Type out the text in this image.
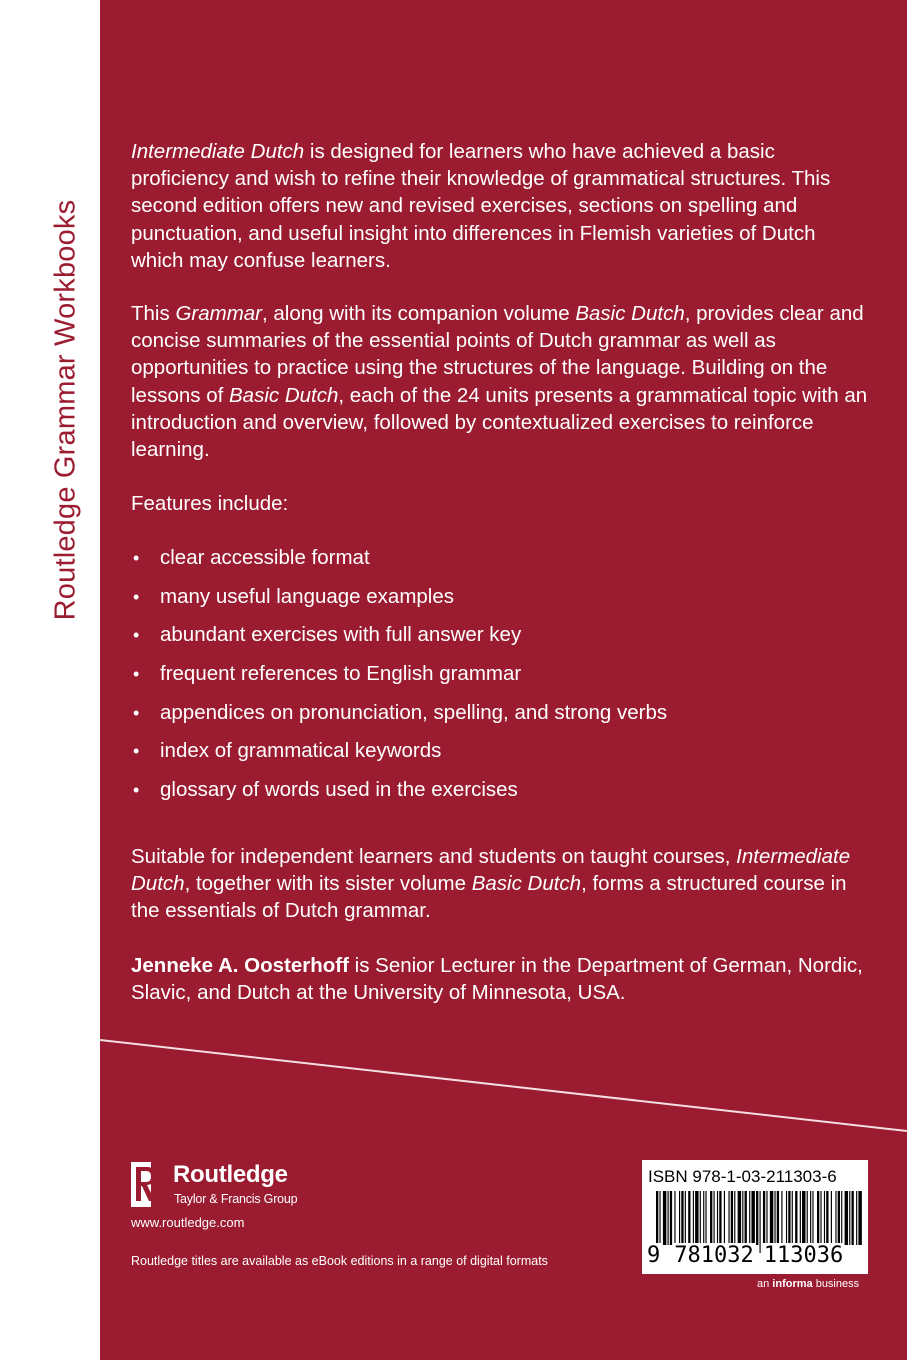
Routledge Grammar Workbooks

Intermediate Dutch is designed for learners who have achieved a basic proficiency and wish to refine their knowledge of grammatical structures. This second edition offers new and revised exercises, sections on spelling and punctuation, and useful insight into differences in Flemish varieties of Dutch which may confuse learners.

This Grammar, along with its companion volume Basic Dutch, provides clear and concise summaries of the essential points of Dutch grammar as well as opportunities to practice using the structures of the language. Building on the lessons of Basic Dutch, each of the 24 units presents a grammatical topic with an introduction and overview, followed by contextualized exercises to reinforce learning.

Features include:

• clear accessible format
• many useful language examples
• abundant exercises with full answer key
• frequent references to English grammar
• appendices on pronunciation, spelling, and strong verbs
• index of grammatical keywords
• glossary of words used in the exercises

Suitable for independent learners and students on taught courses, Intermediate Dutch, together with its sister volume Basic Dutch, forms a structured course in the essentials of Dutch grammar.

Jenneke A. Oosterhoff is Senior Lecturer in the Department of German, Nordic, Slavic, and Dutch at the University of Minnesota, USA.

Routledge
Taylor & Francis Group
www.routledge.com
Routledge titles are available as eBook editions in a range of digital formats
ISBN 978-1-03-211303-6
9 781032 113036
an informa business
